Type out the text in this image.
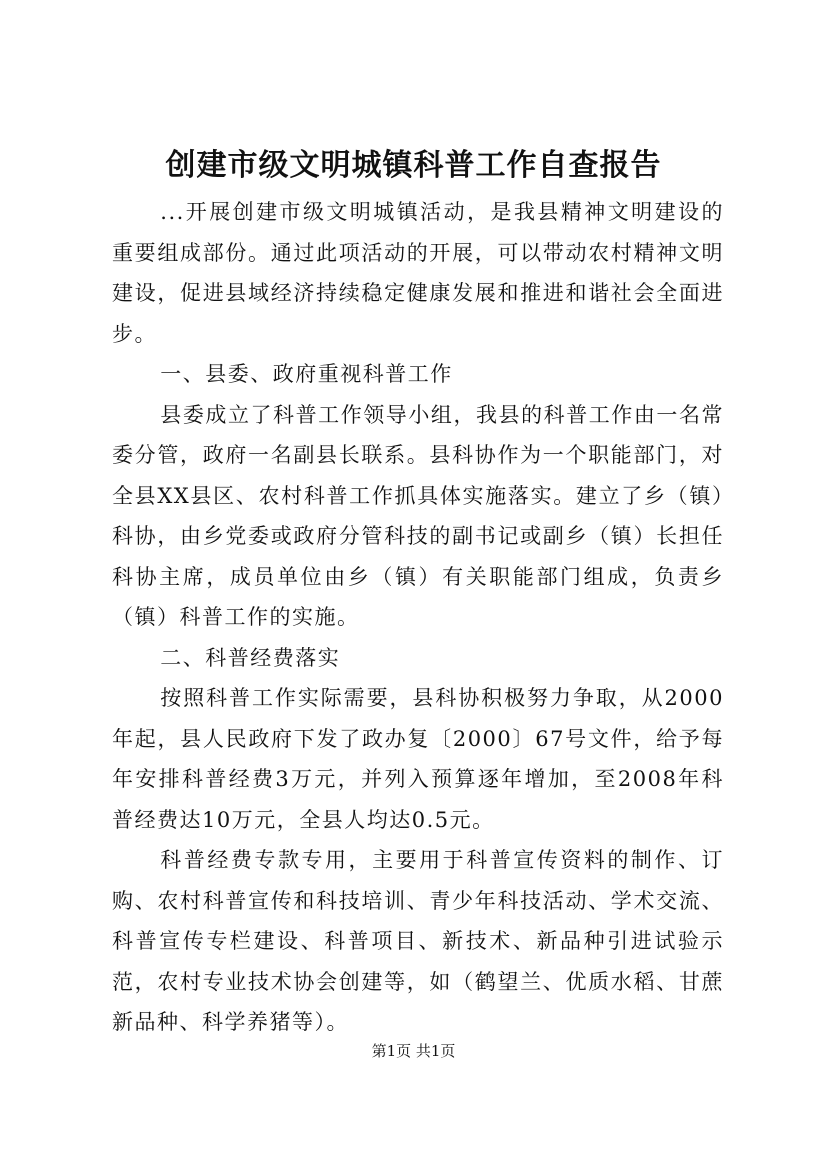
创建市级文明城镇科普工作自查报告

...开展创建市级文明城镇活动，是我县精神文明建设的重要组成部份。通过此项活动的开展，可以带动农村精神文明建设，促进县域经济持续稳定健康发展和推进和谐社会全面进步。

一、县委、政府重视科普工作

县委成立了科普工作领导小组，我县的科普工作由一名常委分管，政府一名副县长联系。县科协作为一个职能部门，对全县XX县区、农村科普工作抓具体实施落实。建立了乡（镇）科协，由乡党委或政府分管科技的副书记或副乡（镇）长担任科协主席，成员单位由乡（镇）有关职能部门组成，负责乡（镇）科普工作的实施。

二、科普经费落实

按照科普工作实际需要，县科协积极努力争取，从2000年起，县人民政府下发了政办复〔2000〕67号文件，给予每年安排科普经费3万元，并列入预算逐年增加，至2008年科普经费达10万元，全县人均达0.5元。

科普经费专款专用，主要用于科普宣传资料的制作、订购、农村科普宣传和科技培训、青少年科技活动、学术交流、科普宣传专栏建设、科普项目、新技术、新品种引进试验示范，农村专业技术协会创建等，如（鹤望兰、优质水稻、甘蔗新品种、科学养猪等）。

第1页 共1页
